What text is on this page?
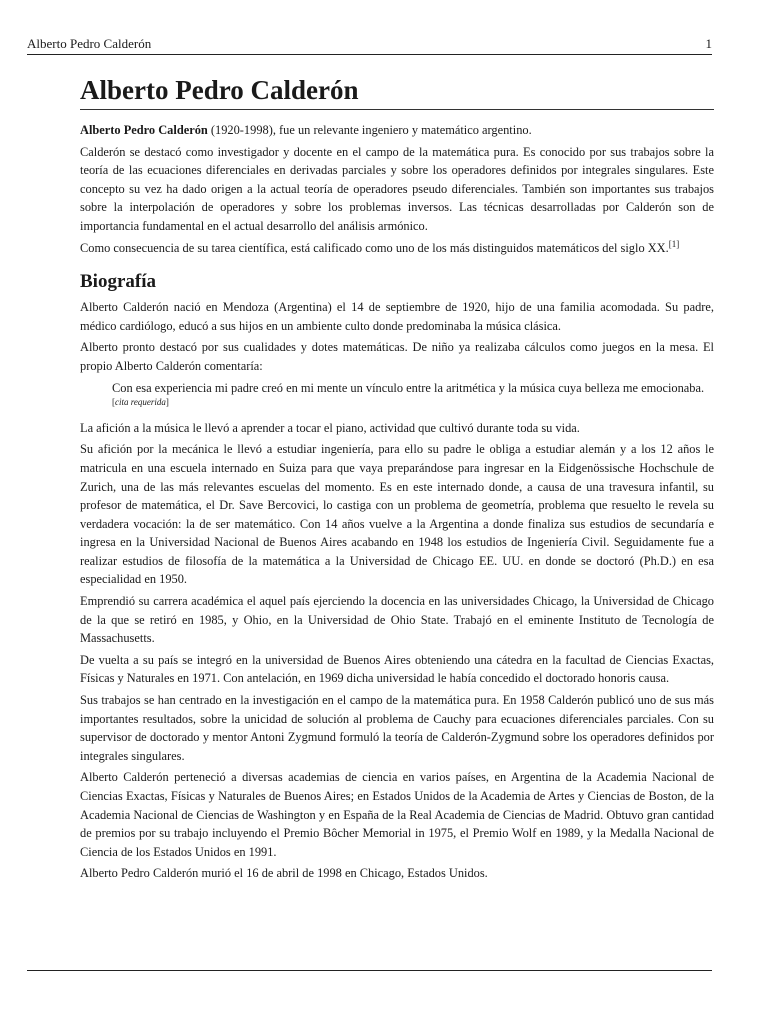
Alberto Pedro Calderón	1
Alberto Pedro Calderón

Alberto Pedro Calderón (1920-1998), fue un relevante ingeniero y matemático argentino.

Calderón se destacó como investigador y docente en el campo de la matemática pura. Es conocido por sus trabajos sobre la teoría de las ecuaciones diferenciales en derivadas parciales y sobre los operadores definidos por integrales singulares. Este concepto su vez ha dado origen a la actual teoría de operadores pseudo diferenciales. También son importantes sus trabajos sobre la interpolación de operadores y sobre los problemas inversos. Las técnicas desarrolladas por Calderón son de importancia fundamental en el actual desarrollo del análisis armónico.

Como consecuencia de su tarea científica, está calificado como uno de los más distinguidos matemáticos del siglo XX.[1]

Biografía

Alberto Calderón nació en Mendoza (Argentina) el 14 de septiembre de 1920, hijo de una familia acomodada. Su padre, médico cardiólogo, educó a sus hijos en un ambiente culto donde predominaba la música clásica.

Alberto pronto destacó por sus cualidades y dotes matemáticas. De niño ya realizaba cálculos como juegos en la mesa. El propio Alberto Calderón comentaría:

Con esa experiencia mi padre creó en mi mente un vínculo entre la aritmética y la música cuya belleza me emocionaba.[cita requerida]

La afición a la música le llevó a aprender a tocar el piano, actividad que cultivó durante toda su vida.

Su afición por la mecánica le llevó a estudiar ingeniería, para ello su padre le obliga a estudiar alemán y a los 12 años le matricula en una escuela internado en Suiza para que vaya preparándose para ingresar en la Eidgenössische Hochschule de Zurich, una de las más relevantes escuelas del momento. Es en este internado donde, a causa de una travesura infantil, su profesor de matemática, el Dr. Save Bercovici, lo castiga con un problema de geometría, problema que resuelto le revela su verdadera vocación: la de ser matemático. Con 14 años vuelve a la Argentina a donde finaliza sus estudios de secundaría e ingresa en la Universidad Nacional de Buenos Aires acabando en 1948 los estudios de Ingeniería Civil. Seguidamente fue a realizar estudios de filosofía de la matemática a la Universidad de Chicago EE. UU. en donde se doctoró (Ph.D.) en esa especialidad en 1950.

Emprendió su carrera académica el aquel país ejerciendo la docencia en las universidades Chicago, la Universidad de Chicago de la que se retiró en 1985, y Ohio, en la Universidad de Ohio State. Trabajó en el eminente Instituto de Tecnología de Massachusetts.

De vuelta a su país se integró en la universidad de Buenos Aires obteniendo una cátedra en la facultad de Ciencias Exactas, Físicas y Naturales en 1971. Con antelación, en 1969 dicha universidad le había concedido el doctorado honoris causa.

Sus trabajos se han centrado en la investigación en el campo de la matemática pura. En 1958 Calderón publicó uno de sus más importantes resultados, sobre la unicidad de solución al problema de Cauchy para ecuaciones diferenciales parciales. Con su supervisor de doctorado y mentor Antoni Zygmund formuló la teoría de Calderón-Zygmund sobre los operadores definidos por integrales singulares.

Alberto Calderón perteneció a diversas academias de ciencia en varios países, en Argentina de la Academia Nacional de Ciencias Exactas, Físicas y Naturales de Buenos Aires; en Estados Unidos de la Academia de Artes y Ciencias de Boston, de la Academia Nacional de Ciencias de Washington y en España de la Real Academia de Ciencias de Madrid. Obtuvo gran cantidad de premios por su trabajo incluyendo el Premio Bôcher Memorial in 1975, el Premio Wolf en 1989, y la Medalla Nacional de Ciencia de los Estados Unidos en 1991.

Alberto Pedro Calderón murió el 16 de abril de 1998 en Chicago, Estados Unidos.
